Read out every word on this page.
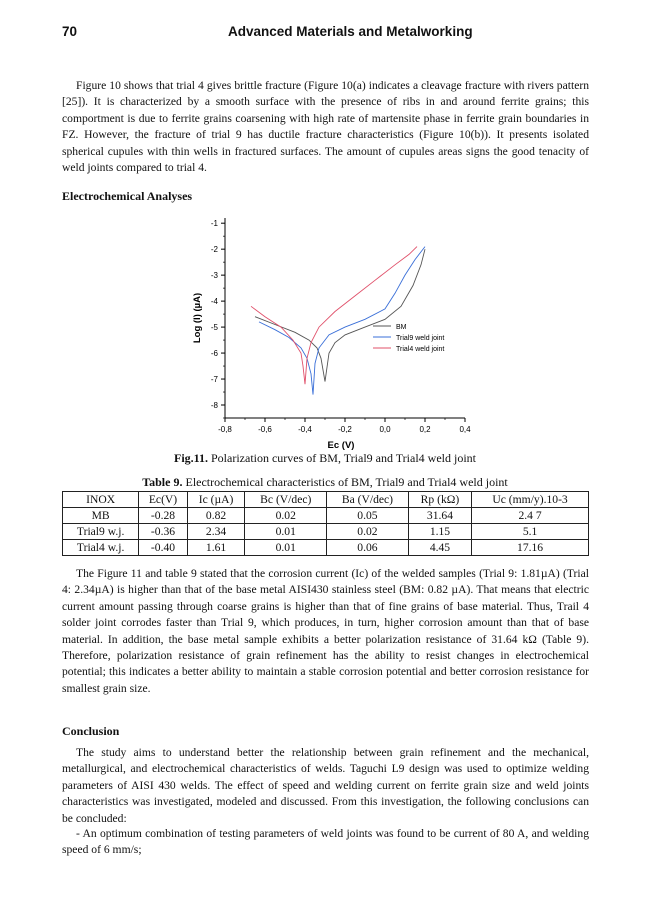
70	Advanced Materials and Metalworking

Figure 10 shows that trial 4 gives brittle fracture (Figure 10(a) indicates a cleavage fracture with rivers pattern [25]). It is characterized by a smooth surface with the presence of ribs in and around ferrite grains; this comportment is due to ferrite grains coarsening with high rate of martensite phase in ferrite grain boundaries in FZ. However, the fracture of trial 9 has ductile fracture characteristics (Figure 10(b)). It presents isolated spherical cupules with thin wells in fractured surfaces. The amount of cupules areas signs the good tenacity of weld joints compared to trial 4.

Electrochemical Analyses
-1
-2
-3
-4
-5
-6
-7
-8
-0,8	-0,6	-0,4	-0,2	0,0	0,2	0,4
Ec (V)
Log (I) (µA)	BM
Trial9 weld joint
Trial4 weld joint
Fig.11. Polarization curves of BM, Trial9 and Trial4 weld joint
Table 9. Electrochemical characteristics of BM, Trial9 and Trial4 weld joint
INOX	Ec(V)	Ic (µA)	Bc (V/dec)	Ba (V/dec)	Rp (kΩ)	Uc (mm/y).10-3
MB	-0.28	0.82	0.02	0.05	31.64	2.4 7
Trial9 w.j.	-0.36	2.34	0.01	0.02	1.15	5.1
Trial4 w.j.	-0.40	1.61	0.01	0.06	4.45	17.16

The Figure 11 and table 9 stated that the corrosion current (Ic) of the welded samples (Trial 9: 1.81µA) (Trial 4: 2.34µA) is higher than that of the base metal AISI430 stainless steel (BM: 0.82 µA). That means that electric current amount passing through coarse grains is higher than that of fine grains of base material. Thus, Trail 4 solder joint corrodes faster than Trial 9, which produces, in turn, higher corrosion amount than that of base material. In addition, the base metal sample exhibits a better polarization resistance of 31.64 kΩ (Table 9). Therefore, polarization resistance of grain refinement has the ability to resist changes in electrochemical potential; this indicates a better ability to maintain a stable corrosion potential and better corrosion resistance for smallest grain size.

Conclusion

The study aims to understand better the relationship between grain refinement and the mechanical, metallurgical, and electrochemical characteristics of welds. Taguchi L9 design was used to optimize welding parameters of AISI 430 welds. The effect of speed and welding current on ferrite grain size and weld joints characteristics was investigated, modeled and discussed. From this investigation, the following conclusions can be concluded:

- An optimum combination of testing parameters of weld joints was found to be current of 80 A, and welding speed of 6 mm/s;
